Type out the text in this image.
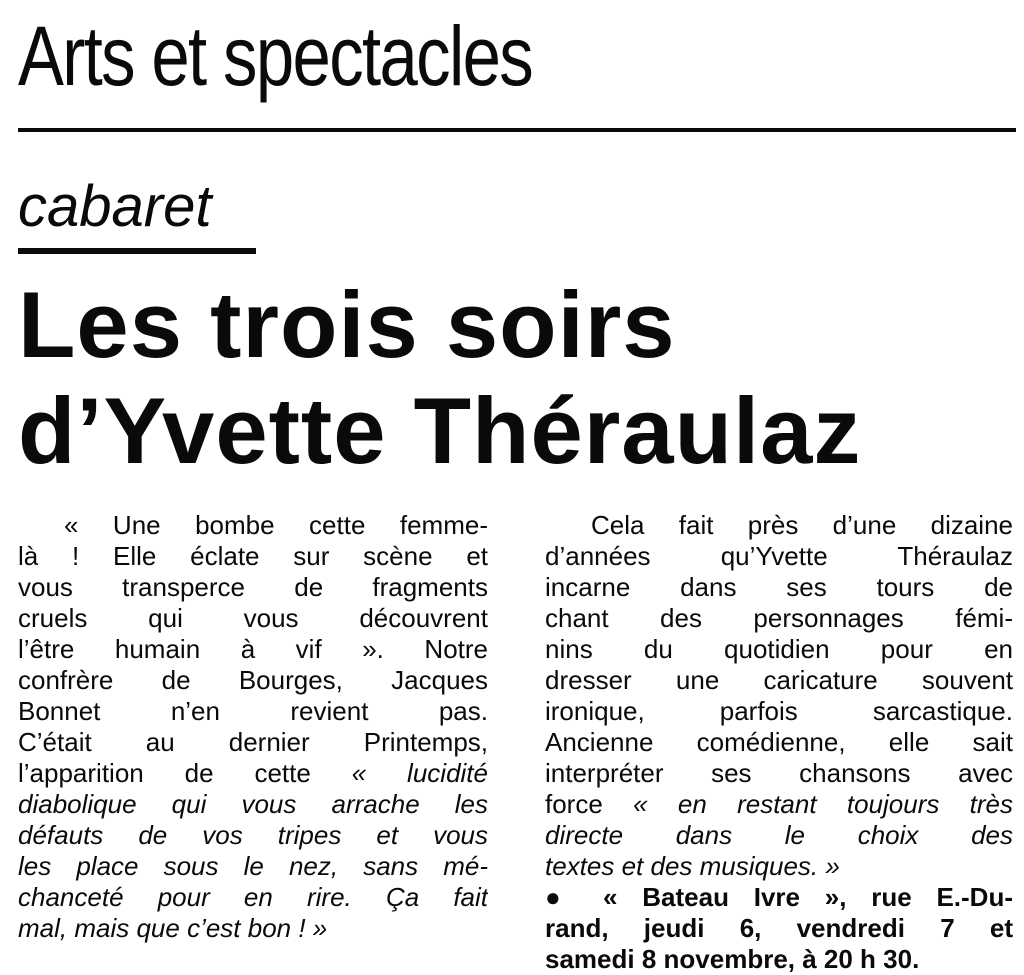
Arts et spectacles
cabaret
Les trois soirs
d’Yvette Théraulaz
« Une bombe cette femme-
là ! Elle éclate sur scène et
vous transperce de fragments
cruels qui vous découvrent
l’être humain à vif ». Notre
confrère de Bourges, Jacques
Bonnet n’en revient pas.
C’était au dernier Printemps,
l’apparition de cette « lucidité
diabolique qui vous arrache les
défauts de vos tripes et vous
les place sous le nez, sans mé-
chanceté pour en rire. Ça fait
mal, mais que c’est bon ! »
Cela fait près d’une dizaine
d’années qu’Yvette Théraulaz
incarne dans ses tours de
chant des personnages fémi-
nins du quotidien pour en
dresser une caricature souvent
ironique, parfois sarcastique.
Ancienne comédienne, elle sait
interpréter ses chansons avec
force « en restant toujours très
directe dans le choix des
textes et des musiques. »
● « Bateau Ivre », rue E.-Du-
rand, jeudi 6, vendredi 7 et
samedi 8 novembre, à 20 h 30.
